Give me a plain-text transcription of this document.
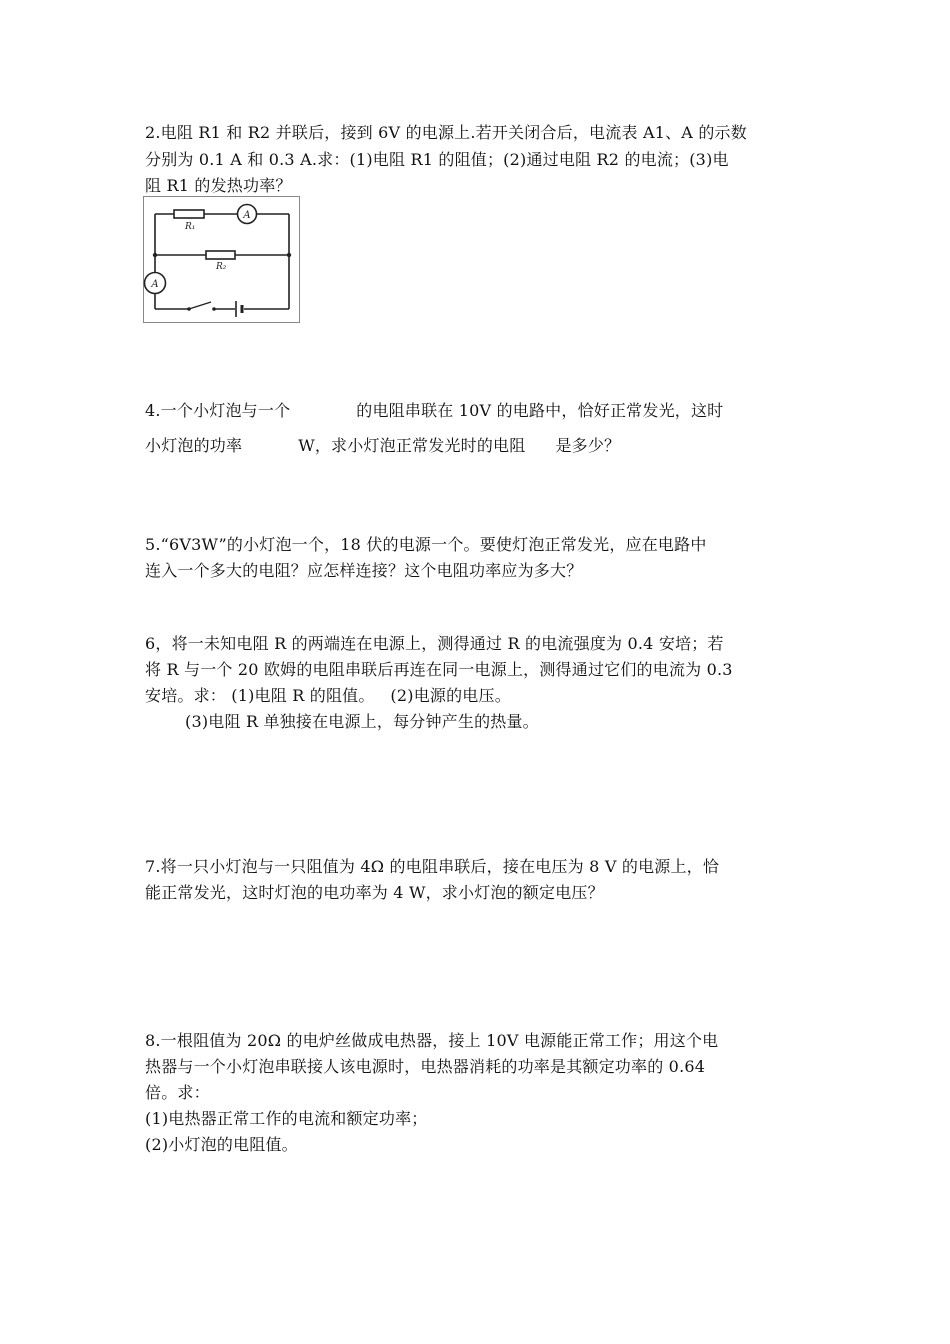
2.电阻 R1 和 R2 并联后，接到 6V 的电源上.若开关闭合后，电流表 A1、A 的示数
分别为 0.1 A 和 0.3 A.求：(1)电阻 R1 的阻值；(2)通过电阻 R2 的电流；(3)电
阻 R1 的发热功率？
A
A
R₁
R₂
4.一个小灯泡与一个	的电阻串联在 10V 的电路中，恰好正常发光，这时
小灯泡的功率	W，求小灯泡正常发光时的电阻 是多少？
5.“6V3W”的小灯泡一个，18 伏的电源一个。要使灯泡正常发光，应在电路中
连入一个多大的电阻？应怎样连接？这个电阻功率应为多大？
6，将一未知电阻 R 的两端连在电源上，测得通过 R 的电流强度为 0.4 安培；若
将 R 与一个 20 欧姆的电阻串联后再连在同一电源上，测得通过它们的电流为 0.3
安培。求： (1)电阻 R 的阻值。   (2)电源的电压。
(3)电阻 R 单独接在电源上，每分钟产生的热量。
7.将一只小灯泡与一只阻值为 4Ω 的电阻串联后，接在电压为 8 V 的电源上，恰
能正常发光，这时灯泡的电功率为 4 W，求小灯泡的额定电压？
8.一根阻值为 20Ω 的电炉丝做成电热器，接上 10V 电源能正常工作；用这个电
热器与一个小灯泡串联接人该电源时，电热器消耗的功率是其额定功率的 0.64
倍。求：
(1)电热器正常工作的电流和额定功率；
(2)小灯泡的电阻值。
